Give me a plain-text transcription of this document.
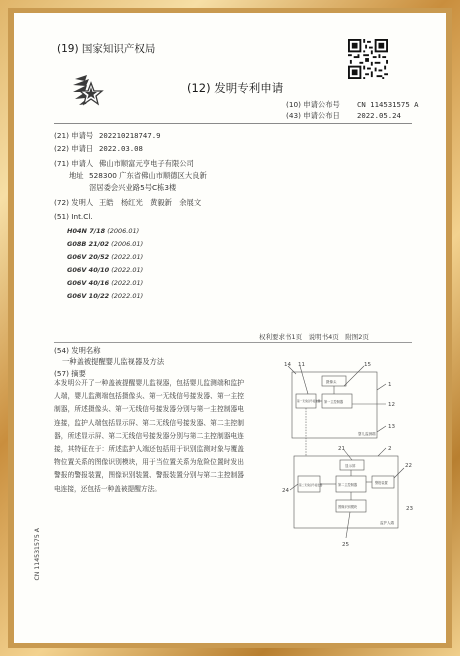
(19) 国家知识产权局
(12) 发明专利申请
(10) 申请公布号 CN 114531575 A
(43) 申请公布日 2022.05.24
(21) 申请号 202210218747.9
(22) 申请日 2022.03.08
(71) 申请人 佛山市顺富元亨电子有限公司
地址 528300 广东省佛山市顺德区大良新
滘居委会兴业路5号C栋3楼
(72) 发明人 王皓　杨红光　黄毅新　余展文
(51) Int.Cl.
H04N 7/18 (2006.01)
G08B 21/02 (2006.01)
G06V 20/52 (2022.01)
G06V 40/10 (2022.01)
G06V 40/16 (2022.01)
G06V 10/22 (2022.01)
权利要求书1页　说明书4页　附图2页
(54) 发明名称
一种盖被提醒婴儿监视器及方法
(57) 摘要
本发明公开了一种盖被提醒婴儿监视器，包括婴儿监测端和监护人端，婴儿监测端包括摄像头、第一无线信号接发器、第一主控制器，所述摄像头、第一无线信号接发器分别与第一主控制器电连接，监护人端包括显示屏、第二无线信号接发器、第二主控制器，所述显示屏、第二无线信号接发器分别与第二主控制器电连接，其特征在于：所述监护人端还包括用于识别监测对象与覆盖物位置关系的图像识别模块，用于当位置关系为危险位置时发出警报的警报装置，图像识别装置、警报装置分别与第二主控制器电连接，还包括一种盖被提醒方法。
14 11	15
1
12
13
2
21
22
24
23
25
摄像头
第一主控制器
第一无线信号接发器
婴儿监测端
显示屏
第二主控制器
第二无线信号接发器
警报装置
图像识别模块
监护人端
CN 114531575 A
